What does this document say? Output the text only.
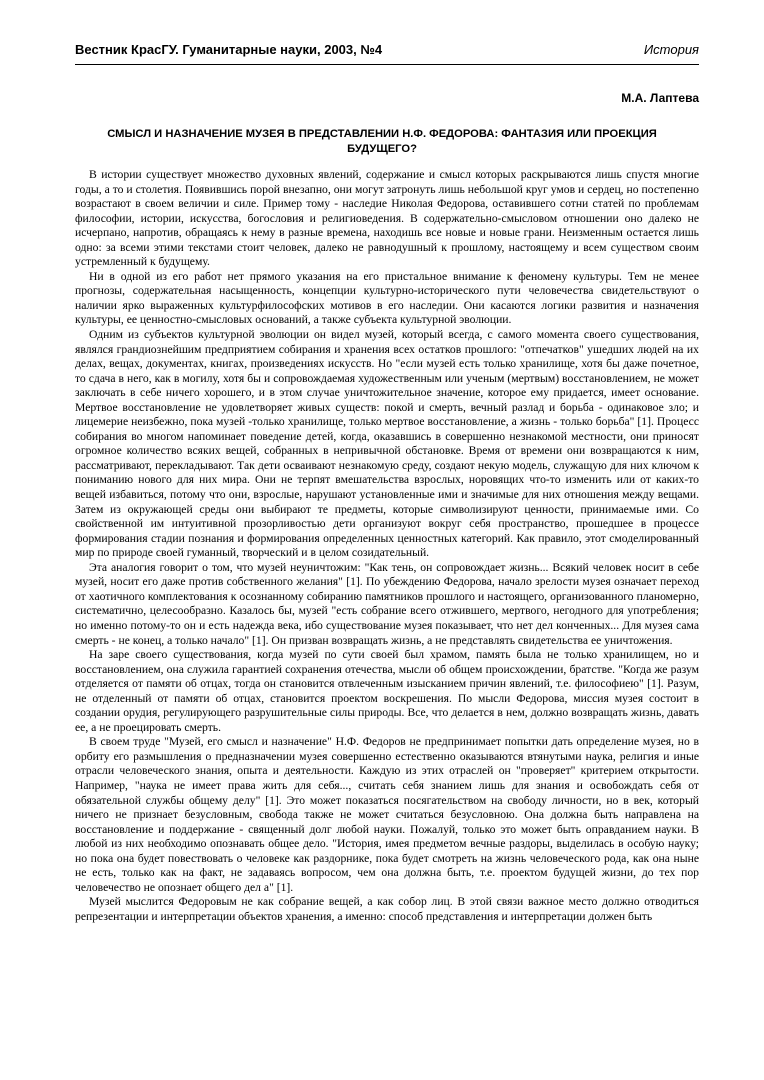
Вестник КрасГУ. Гуманитарные науки, 2003, №4	История
М.А. Лаптева
СМЫСЛ И НАЗНАЧЕНИЕ МУЗЕЯ В ПРЕДСТАВЛЕНИИ Н.Ф. ФЕДОРОВА: ФАНТАЗИЯ ИЛИ ПРОЕКЦИЯ БУДУЩЕГО?

В истории существует множество духовных явлений, содержание и смысл которых раскрываются лишь спустя многие годы, а то и столетия. Появившись порой внезапно, они могут затронуть лишь небольшой круг умов и сердец, но постепенно возрастают в своем величии и силе. Пример тому - наследие Николая Федорова, оставившего сотни статей по проблемам философии, истории, искусства, богословия и религиоведения. В содержательно-смысловом отношении оно далеко не исчерпано, напротив, обращаясь к нему в разные времена, находишь все новые и новые грани. Неизменным остается лишь одно: за всеми этими текстами стоит человек, далеко не равнодушный к прошлому, настоящему и всем существом своим устремленный к будущему.

Ни в одной из его работ нет прямого указания на его пристальное внимание к феномену культуры. Тем не менее прогнозы, содержательная насыщенность, концепции культурно-исторического пути человечества свидетельствуют о наличии ярко выраженных культурфилософских мотивов в его наследии. Они касаются логики развития и назначения культуры, ее ценностно-смысловых оснований, а также субъекта культурной эволюции.

Одним из субъектов культурной эволюции он видел музей, который всегда, с самого момента своего существования, являлся грандиознейшим предприятием собирания и хранения всех остатков прошлого: "отпечатков" ушедших людей на их делах, вещах, документах, книгах, произведениях искусств. Но "если музей есть только хранилище, хотя бы даже почетное, то сдача в него, как в могилу, хотя бы и сопровождаемая художественным или ученым (мертвым) восстановлением, не может заключать в себе ничего хорошего, и в этом случае уничтожительное значение, которое ему придается, имеет основание. Мертвое восстановление не удовлетворяет живых существ: покой и смерть, вечный разлад и борьба - одинаковое зло; и лицемерие неизбежно, пока музей -только хранилище, только мертвое восстановление, а жизнь - только борьба" [1]. Процесс собирания во многом напоминает поведение детей, когда, оказавшись в совершенно незнакомой местности, они приносят огромное количество всяких вещей, собранных в непривычной обстановке. Время от времени они возвращаются к ним, рассматривают, перекладывают. Так дети осваивают незнакомую среду, создают некую модель, служащую для них ключом к пониманию нового для них мира. Они не терпят вмешательства взрослых, норовящих что-то изменить или от каких-то вещей избавиться, потому что они, взрослые, нарушают установленные ими и значимые для них отношения между вещами. Затем из окружающей среды они выбирают те предметы, которые символизируют ценности, принимаемые ими. Со свойственной им интуитивной прозорливостью дети организуют вокруг себя пространство, прошедшее в процессе формирования стадии познания и формирования определенных ценностных категорий. Как правило, этот смоделированный мир по природе своей гуманный, творческий и в целом созидательный.

Эта аналогия говорит о том, что музей неуничтожим: "Как тень, он сопровождает жизнь... Всякий человек носит в себе музей, носит его даже против собственного желания" [1]. По убеждению Федорова, начало зрелости музея означает переход от хаотичного комплектования к осознанному собиранию памятников прошлого и настоящего, организованного планомерно, систематично, целесообразно. Казалось бы, музей "есть собрание всего отжившего, мертвого, негодного для употребления; но именно потому-то он и есть надежда века, ибо существование музея показывает, что нет дел конченных... Для музея сама смерть - не конец, а только начало" [1]. Он призван возвращать жизнь, а не представлять свидетельства ее уничтожения.

На заре своего существования, когда музей по сути своей был храмом, память была не только хранилищем, но и восстановлением, она служила гарантией сохранения отечества, мысли об общем происхождении, братстве. "Когда же разум отделяется от памяти об отцах, тогда он становится отвлеченным изысканием причин явлений, т.е. философиею" [1]. Разум, не отделенный от памяти об отцах, становится проектом воскрешения. По мысли Федорова, миссия музея состоит в создании орудия, регулирующего разрушительные силы природы. Все, что делается в нем, должно возвращать жизнь, давать ее, а не проецировать смерть.

В своем труде "Музей, его смысл и назначение" Н.Ф. Федоров не предпринимает попытки дать определение музея, но в орбиту его размышления о предназначении музея совершенно естественно оказываются втянутыми наука, религия и иные отрасли человеческого знания, опыта и деятельности. Каждую из этих отраслей он "проверяет" критерием открытости. Например, "наука не имеет права жить для себя..., считать себя знанием лишь для знания и освобождать себя от обязательной службы общему делу" [1]. Это может показаться посягательством на свободу личности, но в век, который ничего не признает безусловным, свобода также не может считаться безусловною. Она должна быть направлена на восстановление и поддержание - священный долг любой науки. Пожалуй, только это может быть оправданием науки. В любой из них необходимо опознавать общее дело. "История, имея предметом вечные раздоры, выделилась в особую науку; но пока она будет повествовать о человеке как раздорнике, пока будет смотреть на жизнь человеческого рода, как она ныне не есть, только как на факт, не задаваясь вопросом, чем она должна быть, т.е. проектом будущей жизни, до тех пор человечество не опознает общего дел а" [1].

Музей мыслится Федоровым не как собрание вещей, а как собор лиц. В этой связи важное место должно отводиться репрезентации и интерпретации объектов хранения, а именно: способ представления и интерпретации должен быть
